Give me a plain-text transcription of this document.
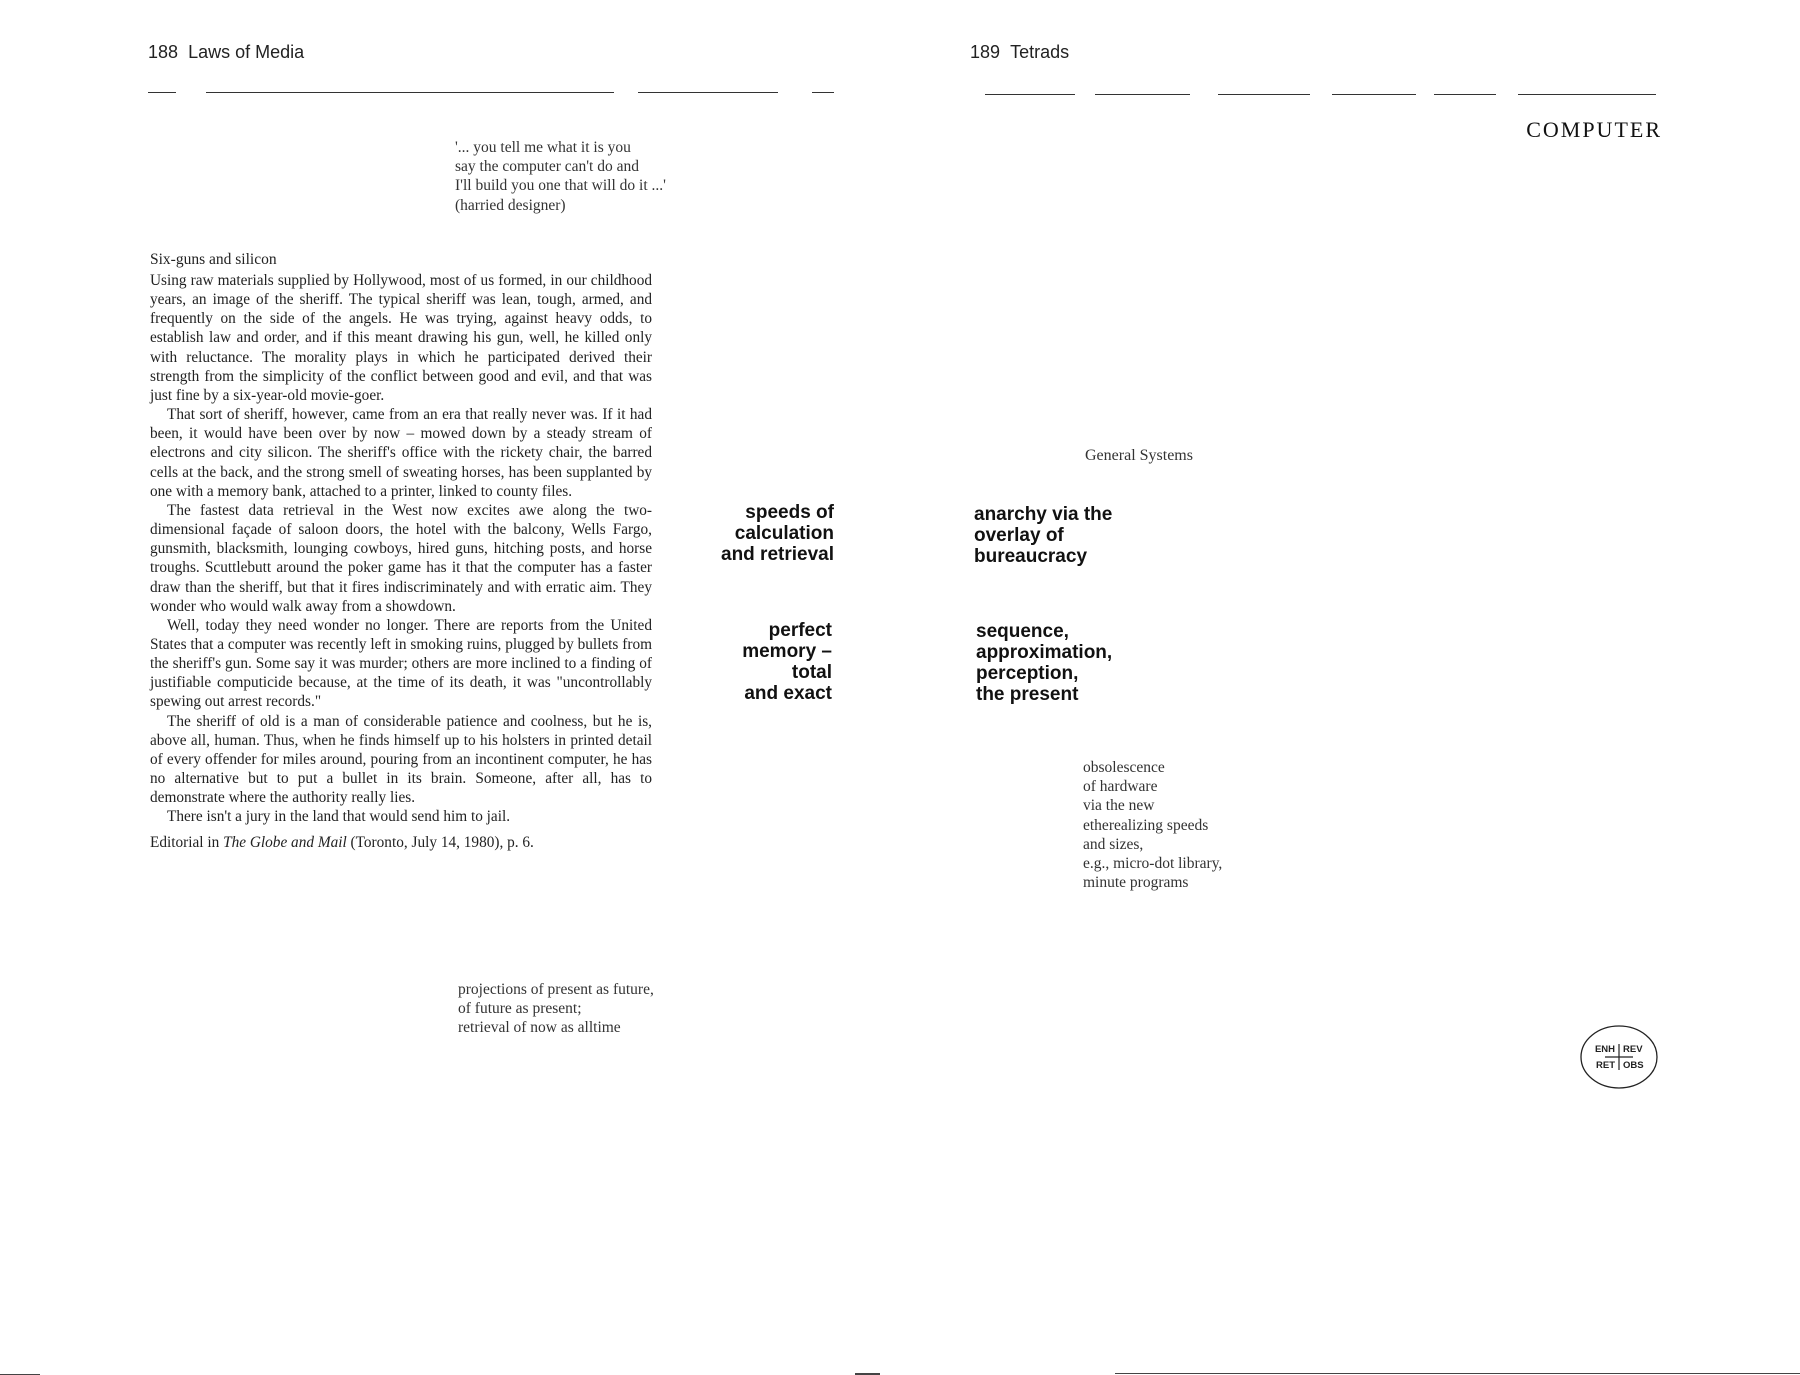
188 Laws of Media	189 Tetrads
COMPUTER
'... you tell me what it is you
say the computer can't do and
I'll build you one that will do it ...'
(harried designer)

Six-guns and silicon

Using raw materials supplied by Hollywood, most of us formed, in our childhood years, an image of the sheriff. The typical sheriff was lean, tough, armed, and frequently on the side of the angels. He was trying, against heavy odds, to establish law and order, and if this meant drawing his gun, well, he killed only with reluctance. The morality plays in which he participated derived their strength from the simplicity of the conflict between good and evil, and that was just fine by a six-year-old movie-goer.

That sort of sheriff, however, came from an era that really never was. If it had been, it would have been over by now – mowed down by a steady stream of electrons and city silicon. The sheriff's office with the rickety chair, the barred cells at the back, and the strong smell of sweating horses, has been supplanted by one with a memory bank, attached to a printer, linked to county files.

The fastest data retrieval in the West now excites awe along the two-dimensional façade of saloon doors, the hotel with the balcony, Wells Fargo, gunsmith, blacksmith, lounging cowboys, hired guns, hitching posts, and horse troughs. Scuttlebutt around the poker game has it that the computer has a faster draw than the sheriff, but that it fires indiscriminately and with erratic aim. They wonder who would walk away from a showdown.

Well, today they need wonder no longer. There are reports from the United States that a computer was recently left in smoking ruins, plugged by bullets from the sheriff's gun. Some say it was murder; others are more inclined to a finding of justifiable computicide because, at the time of its death, it was "uncontrollably spewing out arrest records."

The sheriff of old is a man of considerable patience and coolness, but he is, above all, human. Thus, when he finds himself up to his holsters in printed detail of every offender for miles around, pouring from an incontinent computer, he has no alternative but to put a bullet in its brain. Someone, after all, has to demonstrate where the authority really lies.

There isn't a jury in the land that would send him to jail.

Editorial in The Globe and Mail (Toronto, July 14, 1980), p. 6.

projections of present as future,
of future as present;
retrieval of now as alltime
speeds of
calculation
and retrieval
perfect
memory –
total
and exact
anarchy via the
overlay of
bureaucracy
sequence,
approximation,
perception,
the present
General Systems
obsolescence
of hardware
via the new
etherealizing speeds
and sizes,
e.g., micro-dot library,
minute programs
ENH REV
RET OBS
